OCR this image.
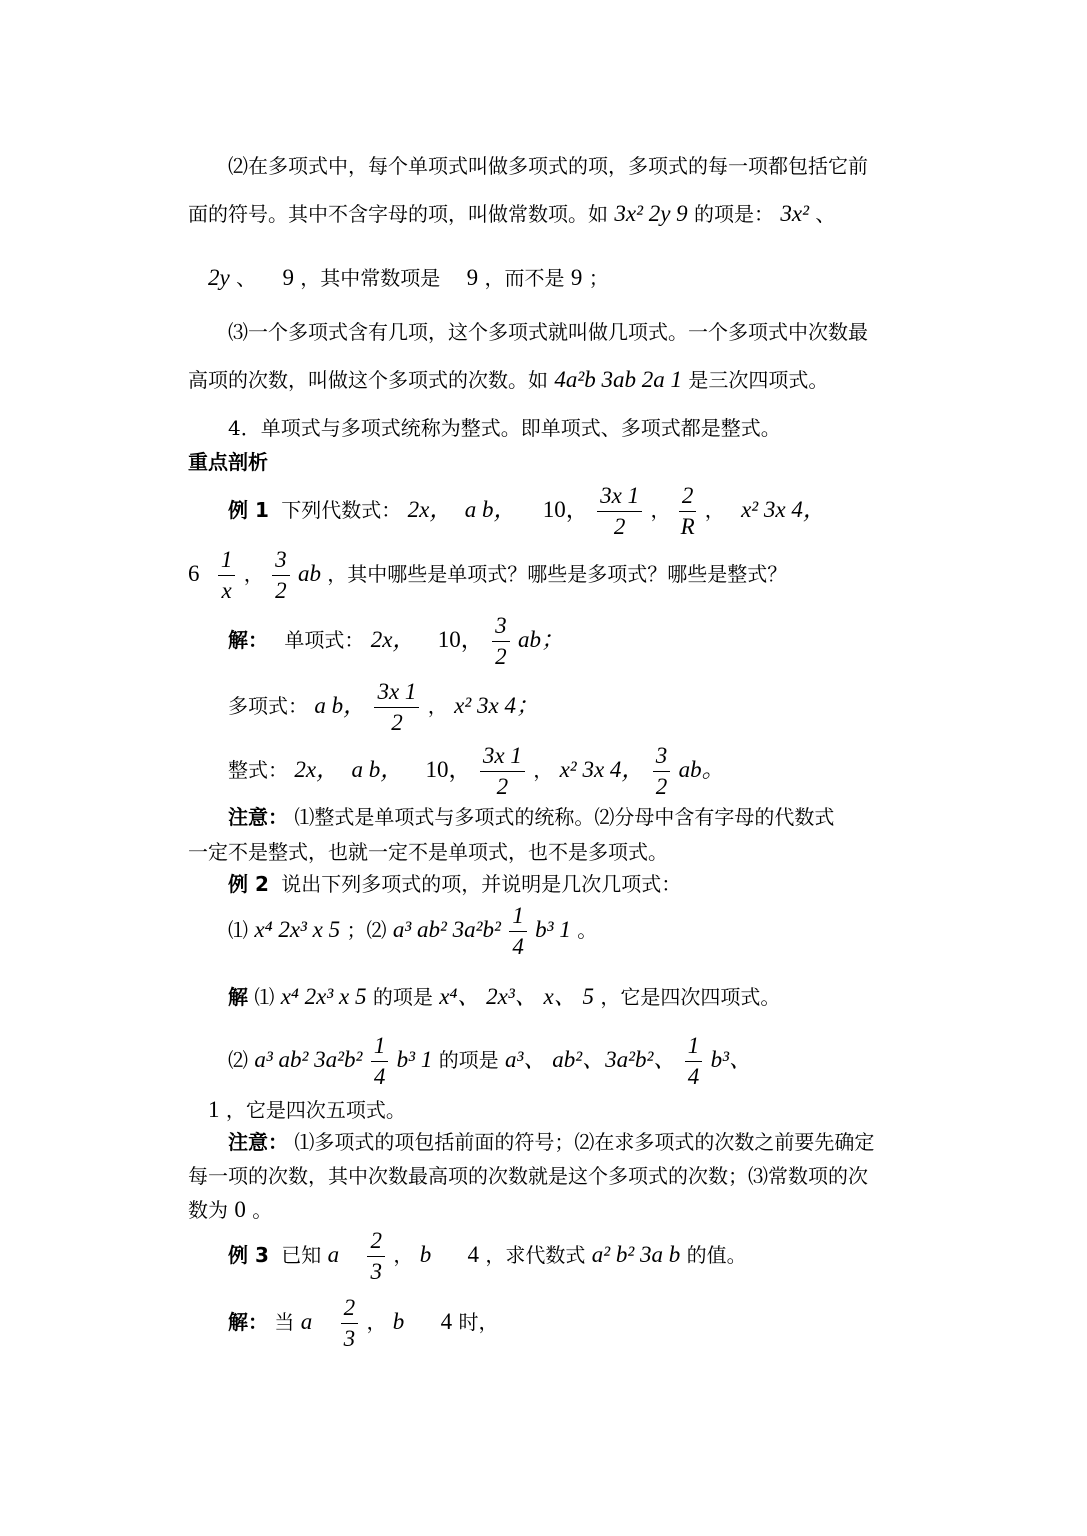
⑵在多项式中，每个单项式叫做多项式的项，多项式的每一项都包括它前
面的符号。其中不含字母的项，叫做常数项。如 3x² 2y 9 的项是： 3x² 、
2y 、 9 ，其中常数项是 9 ，而不是 9 ；
⑶一个多项式含有几项，这个多项式就叫做几项式。一个多项式中次数最
高项的次数，叫做这个多项式的次数。如 4a²b 3ab 2a 1 是三次四项式。
4．单项式与多项式统称为整式。即单项式、多项式都是整式。
重点剖析
例 1 下列代数式： 2x， a b， 10， $\frac{3x 1}{2}$ ， $\frac{2}{R}$ ， x² 3x 4，
$6 \frac{1}{x}$ ， $\frac{3}{2}$ ab ，其中哪些是单项式？哪些是多项式？哪些是整式？
解： 单项式： 2x， 10， $\frac{3}{2}$ ab；
多项式： a b， $\frac{3x 1}{2}$ ， x² 3x 4；
整式： 2x， a b， 10， $\frac{3x 1}{2}$ ， x² 3x 4， $\frac{3}{2}$ ab。
注意： ⑴整式是单项式与多项式的统称。⑵分母中含有字母的代数式
一定不是整式，也就一定不是单项式，也不是多项式。
例 2 说出下列多项式的项，并说明是几次几项式：
⑴ x⁴ 2x³ x 5 ；⑵ a³ ab² $3a^2b^2 \frac{1}{4} b^3$ 1 。
解 ⑴ x⁴ 2x³ x 5 的项是 x⁴、 2x³、 x、 5 ，它是四次四项式。
⑵ a³ ab² $3a^2b^2 \frac{1}{4} b^3$ 1 的项是 a³、 ab²、3a²b²、 $\frac{1}{4} b^3$、
1 ，它是四次五项式。
注意： ⑴多项式的项包括前面的符号；⑵在求多项式的次数之前要先确定
每一项的次数，其中次数最高项的次数就是这个多项式的次数；⑶常数项的次
数为 0 。
例 3 已知 a $\frac{2}{3}$ ， b 4 ，求代数式 a² b² 3a b 的值。
解： 当 a $\frac{2}{3}$ ， b 4 时，
